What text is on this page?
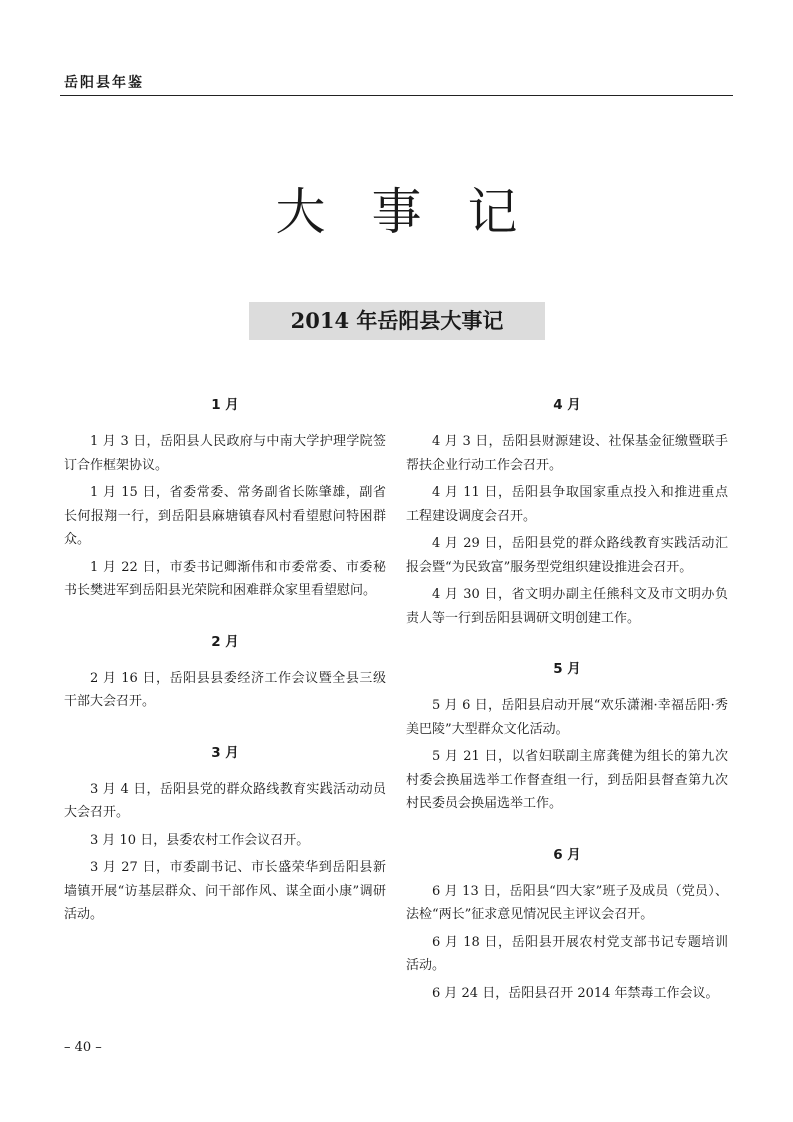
岳阳县年鉴
大事记
2014 年岳阳县大事记
1 月

1 月 3 日，岳阳县人民政府与中南大学护理学院签订合作框架协议。

1 月 15 日，省委常委、常务副省长陈肇雄，副省长何报翔一行，到岳阳县麻塘镇春风村看望慰问特困群众。

1 月 22 日，市委书记卿渐伟和市委常委、市委秘书长樊进军到岳阳县光荣院和困难群众家里看望慰问。

2 月

2 月 16 日，岳阳县县委经济工作会议暨全县三级干部大会召开。

3 月

3 月 4 日，岳阳县党的群众路线教育实践活动动员大会召开。

3 月 10 日，县委农村工作会议召开。

3 月 27 日，市委副书记、市长盛荣华到岳阳县新墙镇开展“访基层群众、问干部作风、谋全面小康”调研活动。

4 月

4 月 3 日，岳阳县财源建设、社保基金征缴暨联手帮扶企业行动工作会召开。

4 月 11 日，岳阳县争取国家重点投入和推进重点工程建设调度会召开。

4 月 29 日，岳阳县党的群众路线教育实践活动汇报会暨“为民致富”服务型党组织建设推进会召开。

4 月 30 日，省文明办副主任熊科文及市文明办负责人等一行到岳阳县调研文明创建工作。

5 月

5 月 6 日，岳阳县启动开展“欢乐潇湘·幸福岳阳·秀美巴陵”大型群众文化活动。

5 月 21 日，以省妇联副主席龚健为组长的第九次村委会换届选举工作督查组一行，到岳阳县督查第九次村民委员会换届选举工作。

6 月

6 月 13 日，岳阳县“四大家”班子及成员（党员）、法检“两长”征求意见情况民主评议会召开。

6 月 18 日，岳阳县开展农村党支部书记专题培训活动。

6 月 24 日，岳阳县召开 2014 年禁毒工作会议。

– 40 –
